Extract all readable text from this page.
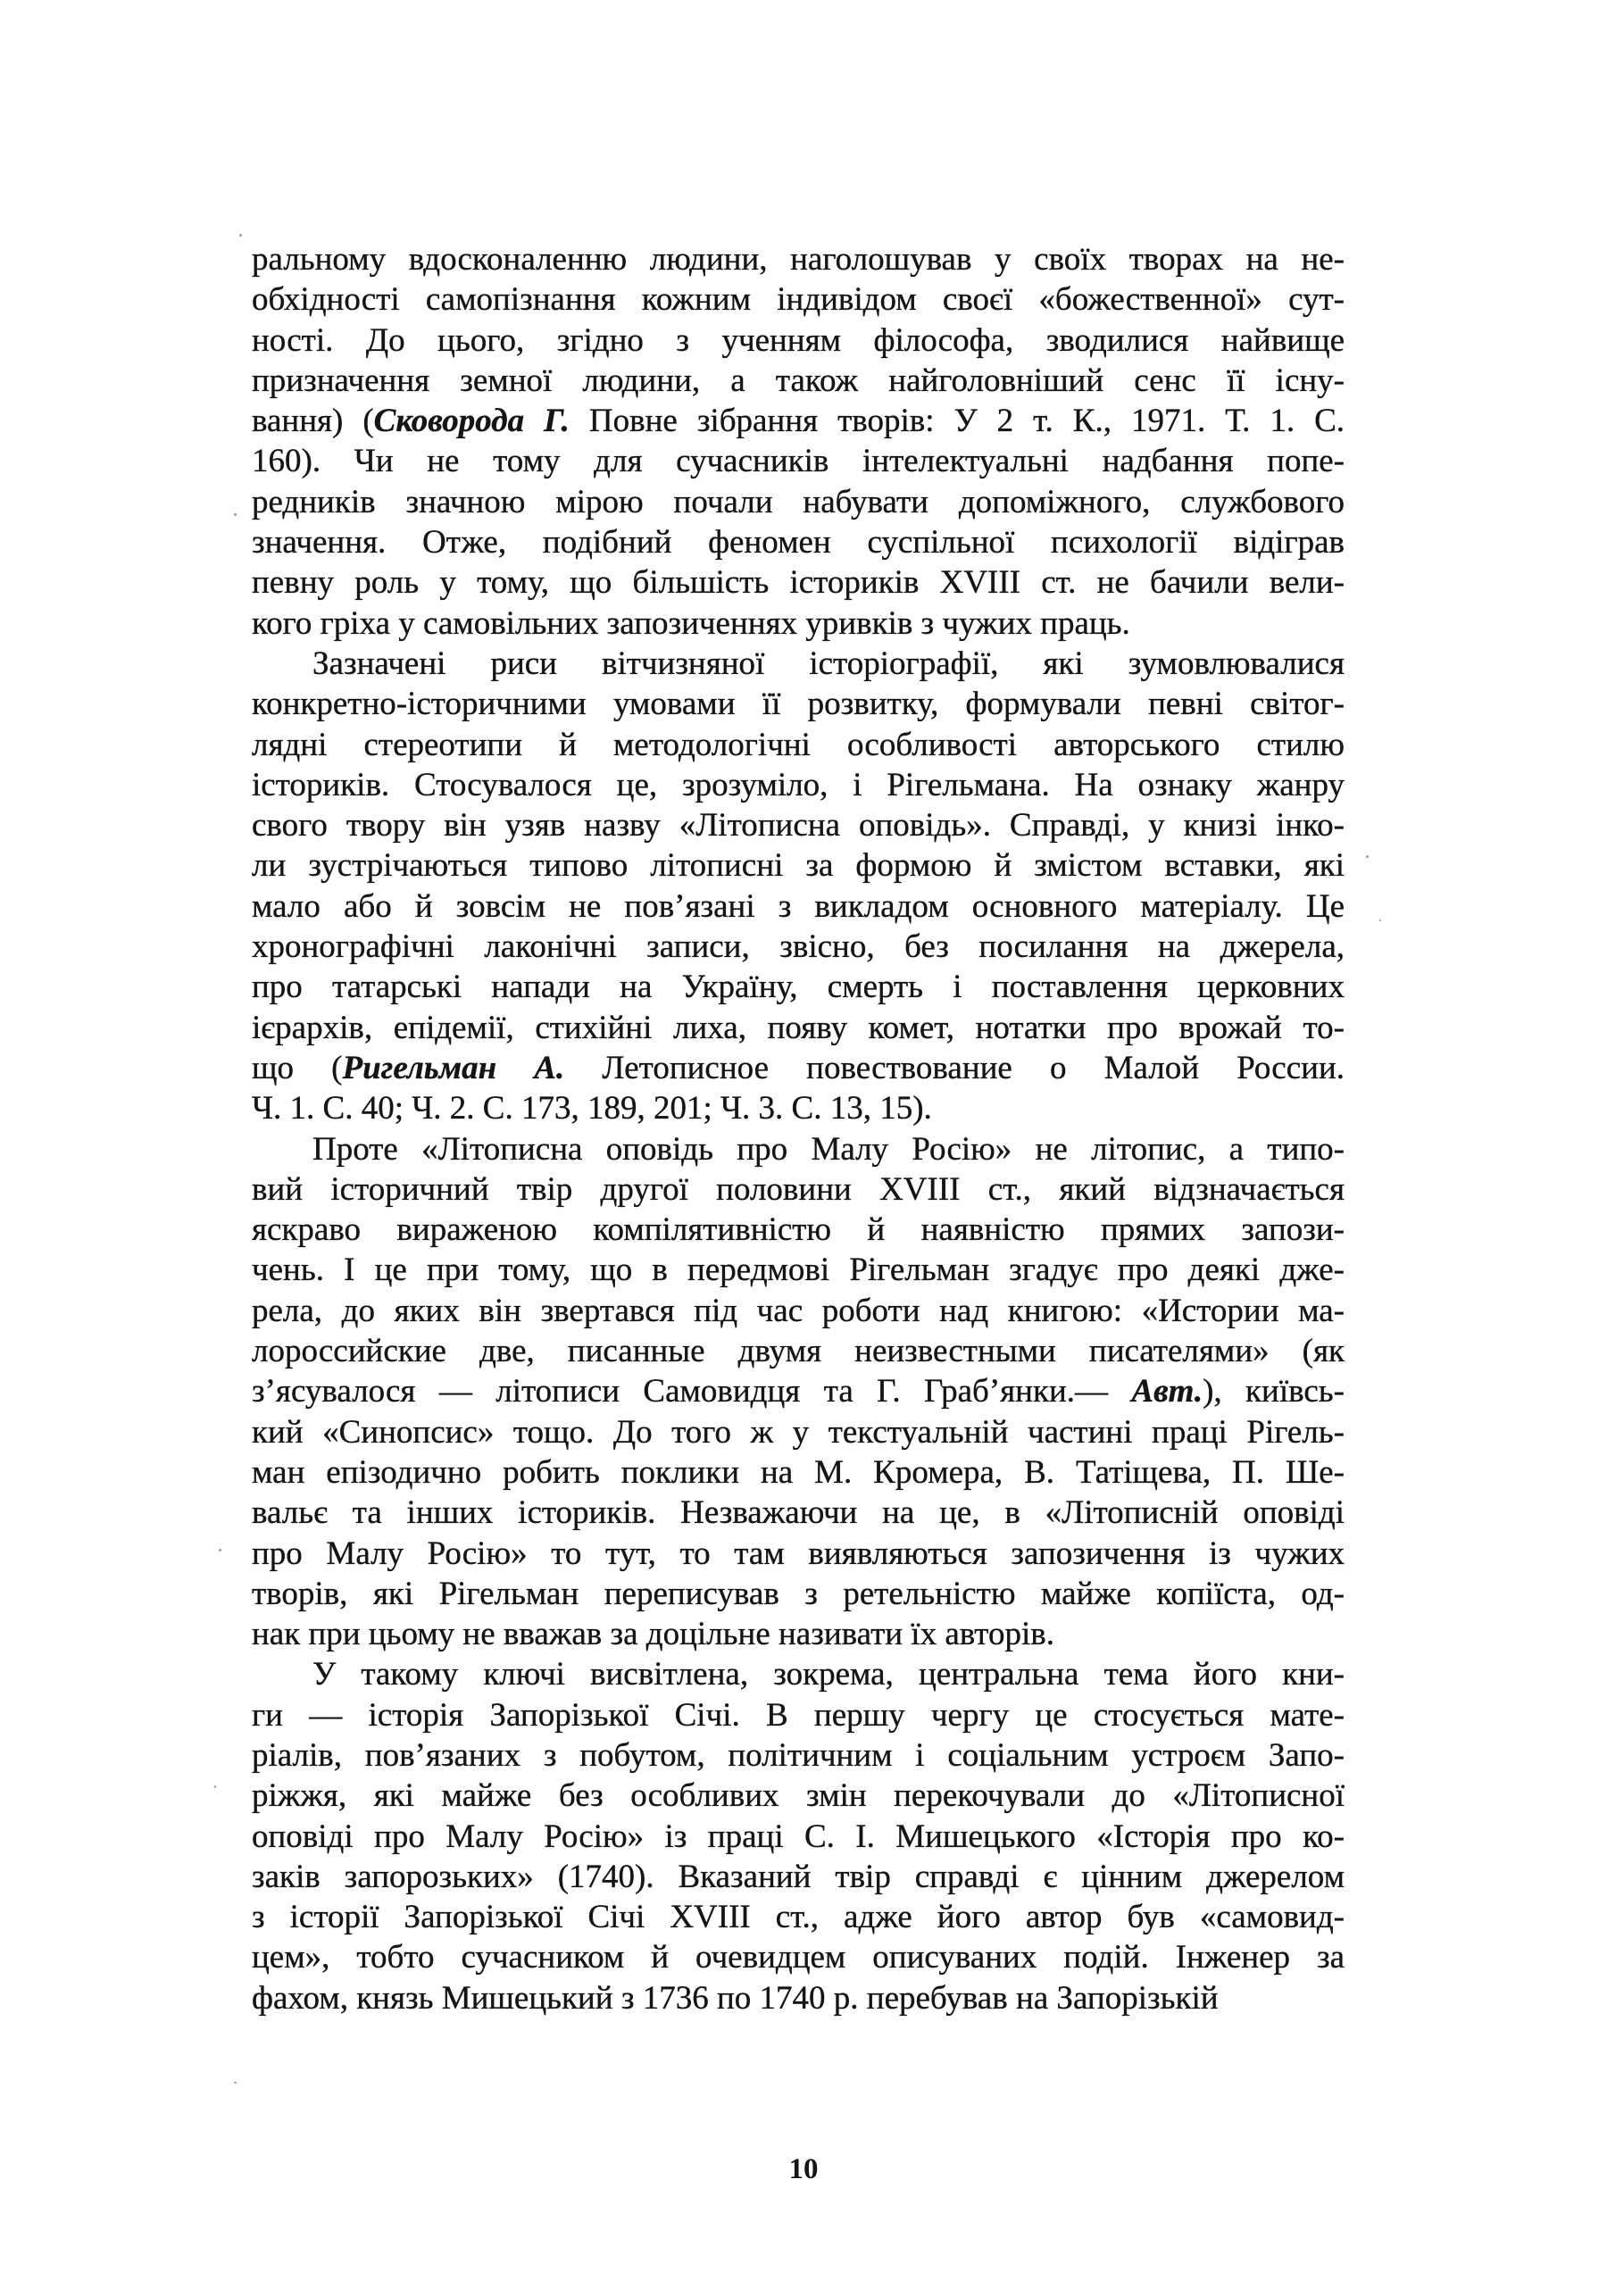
ральному вдосконаленню людини, наголошував у своїх творах на не-
обхідності самопізнання кожним індивідом своєї «божественної» сут-
ності. До цього, згідно з ученням філософа, зводилися найвище
призначення земної людини, а також найголовніший сенс її існу-
вання) (Сковорода Г. Повне зібрання творів: У 2 т. К., 1971. Т. 1. С.
160). Чи не тому для сучасників інтелектуальні надбання попе-
редників значною мірою почали набувати допоміжного, службового
значення. Отже, подібний феномен суспільної психології відіграв
певну роль у тому, що більшість істориків XVIII ст. не бачили вели-
кого гріха у самовільних запозиченнях уривків з чужих праць.
Зазначені риси вітчизняної історіографії, які зумовлювалися
конкретно-історичними умовами її розвитку, формували певні світог-
лядні стереотипи й методологічні особливості авторського стилю
істориків. Стосувалося це, зрозуміло, і Рігельмана. На ознаку жанру
свого твору він узяв назву «Літописна оповідь». Справді, у книзі інко-
ли зустрічаються типово літописні за формою й змістом вставки, які
мало або й зовсім не пов’язані з викладом основного матеріалу. Це
хронографічні лаконічні записи, звісно, без посилання на джерела,
про татарські напади на Україну, смерть і поставлення церковних
ієрархів, епідемії, стихійні лиха, появу комет, нотатки про врожай то-
що (Ригельман А. Летописное повествование о Малой России.
Ч. 1. С. 40; Ч. 2. С. 173, 189, 201; Ч. 3. С. 13, 15).
Проте «Літописна оповідь про Малу Росію» не літопис, а типо-
вий історичний твір другої половини XVIII ст., який відзначається
яскраво вираженою компілятивністю й наявністю прямих запози-
чень. І це при тому, що в передмові Рігельман згадує про деякі дже-
рела, до яких він звертався під час роботи над книгою: «Истории ма-
лороссийские две, писанные двумя неизвестными писателями» (як
з’ясувалося — літописи Самовидця та Г. Граб’янки.— Авт.), київсь-
кий «Синопсис» тощо. До того ж у текстуальній частині праці Рігель-
ман епізодично робить поклики на М. Кромера, В. Татіщева, П. Ше-
вальє та інших істориків. Незважаючи на це, в «Літописній оповіді
про Малу Росію» то тут, то там виявляються запозичення із чужих
творів, які Рігельман переписував з ретельністю майже копіїста, од-
нак при цьому не вважав за доцільне називати їх авторів.
У такому ключі висвітлена, зокрема, центральна тема його кни-
ги — історія Запорізької Січі. В першу чергу це стосується мате-
ріалів, пов’язаних з побутом, політичним і соціальним устроєм Запо-
ріжжя, які майже без особливих змін перекочували до «Літописної
оповіді про Малу Росію» із праці С. І. Мишецького «Історія про ко-
заків запорозьких» (1740). Вказаний твір справді є цінним джерелом
з історії Запорізької Січі XVIII ст., адже його автор був «самовид-
цем», тобто сучасником й очевидцем описуваних подій. Інженер за
фахом, князь Мишецький з 1736 по 1740 р. перебував на Запорізькій
10
